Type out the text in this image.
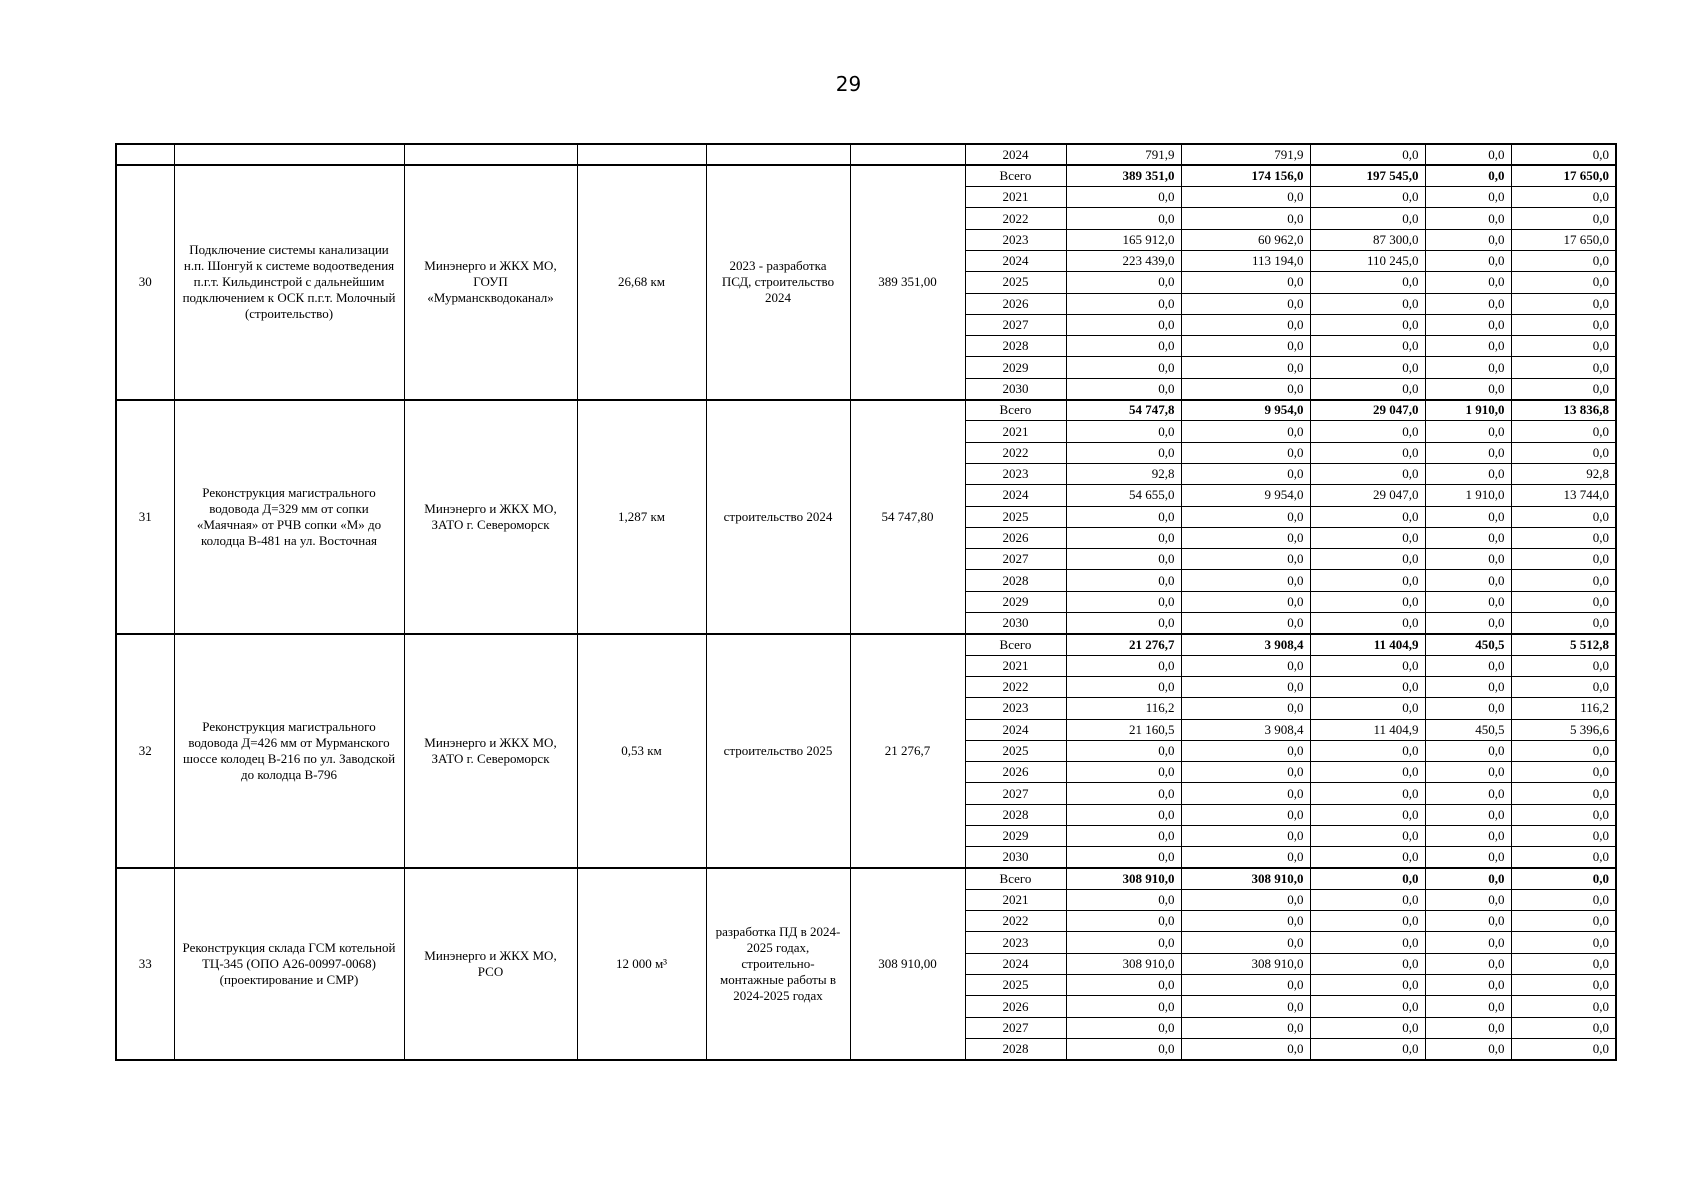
29
						2024	791,9	791,9	0,0	0,0	0,0
30	Подключение системы канализации н.п. Шонгуй к системе водоотведения п.г.т. Кильдинстрой с дальнейшим подключением к ОСК п.г.т. Молочный (строительство)	Минэнерго и ЖКХ МО, ГОУП «Мурманскводоканал»	26,68 км	2023 - разработка ПСД, строительство 2024	389 351,00	Всего	389 351,0	174 156,0	197 545,0	0,0	17 650,0
						2021	0,0	0,0	0,0	0,0	0,0
						2022	0,0	0,0	0,0	0,0	0,0
						2023	165 912,0	60 962,0	87 300,0	0,0	17 650,0
						2024	223 439,0	113 194,0	110 245,0	0,0	0,0
						2025	0,0	0,0	0,0	0,0	0,0
						2026	0,0	0,0	0,0	0,0	0,0
						2027	0,0	0,0	0,0	0,0	0,0
						2028	0,0	0,0	0,0	0,0	0,0
						2029	0,0	0,0	0,0	0,0	0,0
						2030	0,0	0,0	0,0	0,0	0,0
31	Реконструкция магистрального водовода Д=329 мм от сопки «Маячная» от РЧВ сопки «М» до колодца В-481 на ул. Восточная	Минэнерго и ЖКХ МО, ЗАТО г. Североморск	1,287 км	строительство 2024	54 747,80	Всего	54 747,8	9 954,0	29 047,0	1 910,0	13 836,8
						2021	0,0	0,0	0,0	0,0	0,0
						2022	0,0	0,0	0,0	0,0	0,0
						2023	92,8	0,0	0,0	0,0	92,8
						2024	54 655,0	9 954,0	29 047,0	1 910,0	13 744,0
						2025	0,0	0,0	0,0	0,0	0,0
						2026	0,0	0,0	0,0	0,0	0,0
						2027	0,0	0,0	0,0	0,0	0,0
						2028	0,0	0,0	0,0	0,0	0,0
						2029	0,0	0,0	0,0	0,0	0,0
						2030	0,0	0,0	0,0	0,0	0,0
32	Реконструкция магистрального водовода Д=426 мм от Мурманского шоссе колодец В-216 по ул. Заводской до колодца В-796	Минэнерго и ЖКХ МО, ЗАТО г. Североморск	0,53 км	строительство 2025	21 276,7	Всего	21 276,7	3 908,4	11 404,9	450,5	5 512,8
						2021	0,0	0,0	0,0	0,0	0,0
						2022	0,0	0,0	0,0	0,0	0,0
						2023	116,2	0,0	0,0	0,0	116,2
						2024	21 160,5	3 908,4	11 404,9	450,5	5 396,6
						2025	0,0	0,0	0,0	0,0	0,0
						2026	0,0	0,0	0,0	0,0	0,0
						2027	0,0	0,0	0,0	0,0	0,0
						2028	0,0	0,0	0,0	0,0	0,0
						2029	0,0	0,0	0,0	0,0	0,0
						2030	0,0	0,0	0,0	0,0	0,0
33	Реконструкция склада ГСМ котельной ТЦ-345 (ОПО А26-00997-0068) (проектирование и СМР)	Минэнерго и ЖКХ МО, РСО	12 000 м³	разработка ПД в 2024-2025 годах, строительно-монтажные работы в 2024-2025 годах	308 910,00	Всего	308 910,0	308 910,0	0,0	0,0	0,0
						2021	0,0	0,0	0,0	0,0	0,0
						2022	0,0	0,0	0,0	0,0	0,0
						2023	0,0	0,0	0,0	0,0	0,0
						2024	308 910,0	308 910,0	0,0	0,0	0,0
						2025	0,0	0,0	0,0	0,0	0,0
						2026	0,0	0,0	0,0	0,0	0,0
						2027	0,0	0,0	0,0	0,0	0,0
						2028	0,0	0,0	0,0	0,0	0,0
